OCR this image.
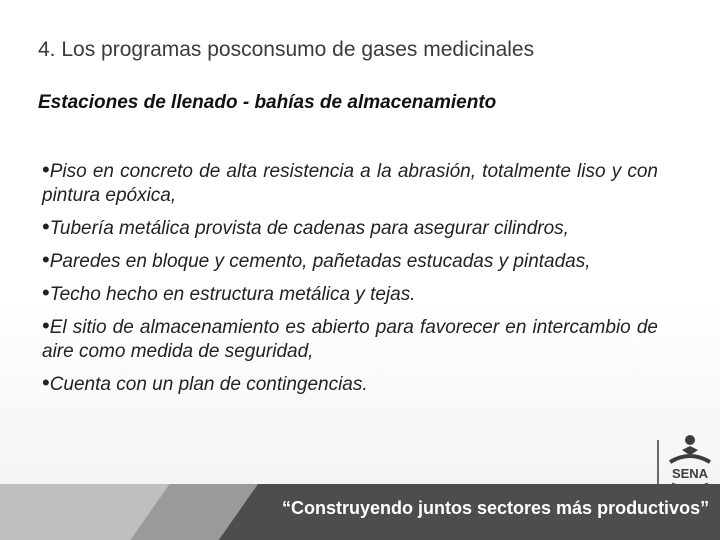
4. Los programas posconsumo de gases medicinales
Estaciones de llenado - bahías de almacenamiento
•Piso en concreto de alta resistencia a la abrasión, totalmente liso y con pintura epóxica,
•Tubería metálica provista de cadenas para asegurar cilindros,
•Paredes en bloque y cemento, pañetadas estucadas y pintadas,
•Techo hecho en estructura metálica y tejas.
•El sitio de almacenamiento es abierto para favorecer en intercambio de aire como medida de seguridad,
•Cuenta con un plan de contingencias.
SENA
“Construyendo juntos sectores más productivos”
